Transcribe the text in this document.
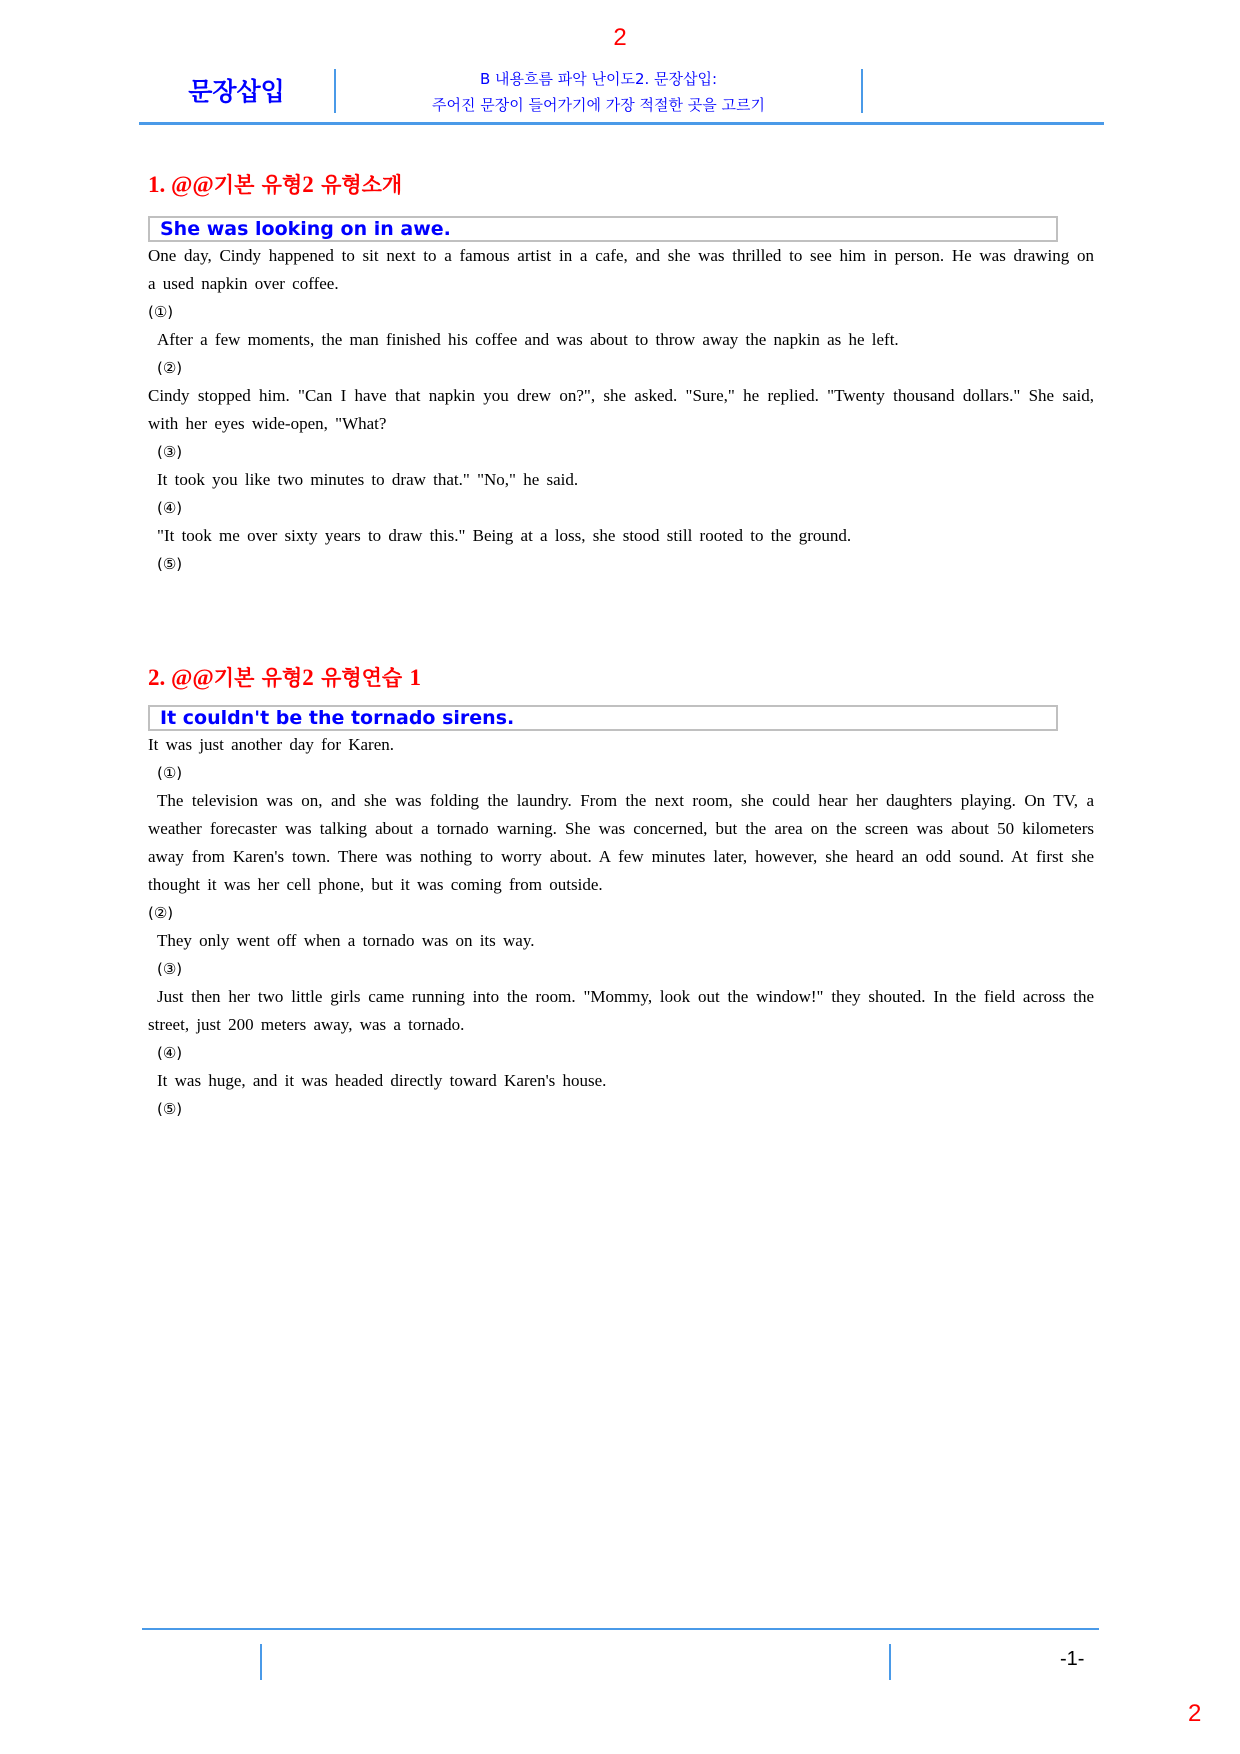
2
문장삽입	B 내용흐름 파악 난이도2. 문장삽입:
주어진 문장이 들어가기에 가장 적절한 곳을 고르기
1. @@기본 유형2 유형소개
She was looking on in awe.

One day, Cindy happened to sit next to a famous artist in a cafe, and she was thrilled to see him in person. He was drawing on a used napkin over coffee.

(①)

After a few moments, the man finished his coffee and was about to throw away the napkin as he left.

(②)

Cindy stopped him. "Can I have that napkin you drew on?", she asked. "Sure," he replied. "Twenty thousand dollars." She said, with her eyes wide-open, "What?

(③)

It took you like two minutes to draw that." "No," he said.

(④)

"It took me over sixty years to draw this." Being at a loss, she stood still rooted to the ground.

(⑤)

2. @@기본 유형2 유형연습 1
It couldn't be the tornado sirens.

It was just another day for Karen.

(①)

The television was on, and she was folding the laundry. From the next room, she could hear her daughters playing. On TV, a weather forecaster was talking about a tornado warning. She was concerned, but the area on the screen was about 50 kilometers away from Karen's town. There was nothing to worry about. A few minutes later, however, she heard an odd sound. At first she thought it was her cell phone, but it was coming from outside.

(②)

They only went off when a tornado was on its way.

(③)

Just then her two little girls came running into the room. "Mommy, look out the window!" they shouted. In the field across the street, just 200 meters away, was a tornado.

(④)

It was huge, and it was headed directly toward Karen's house.

(⑤)

-1-
2
